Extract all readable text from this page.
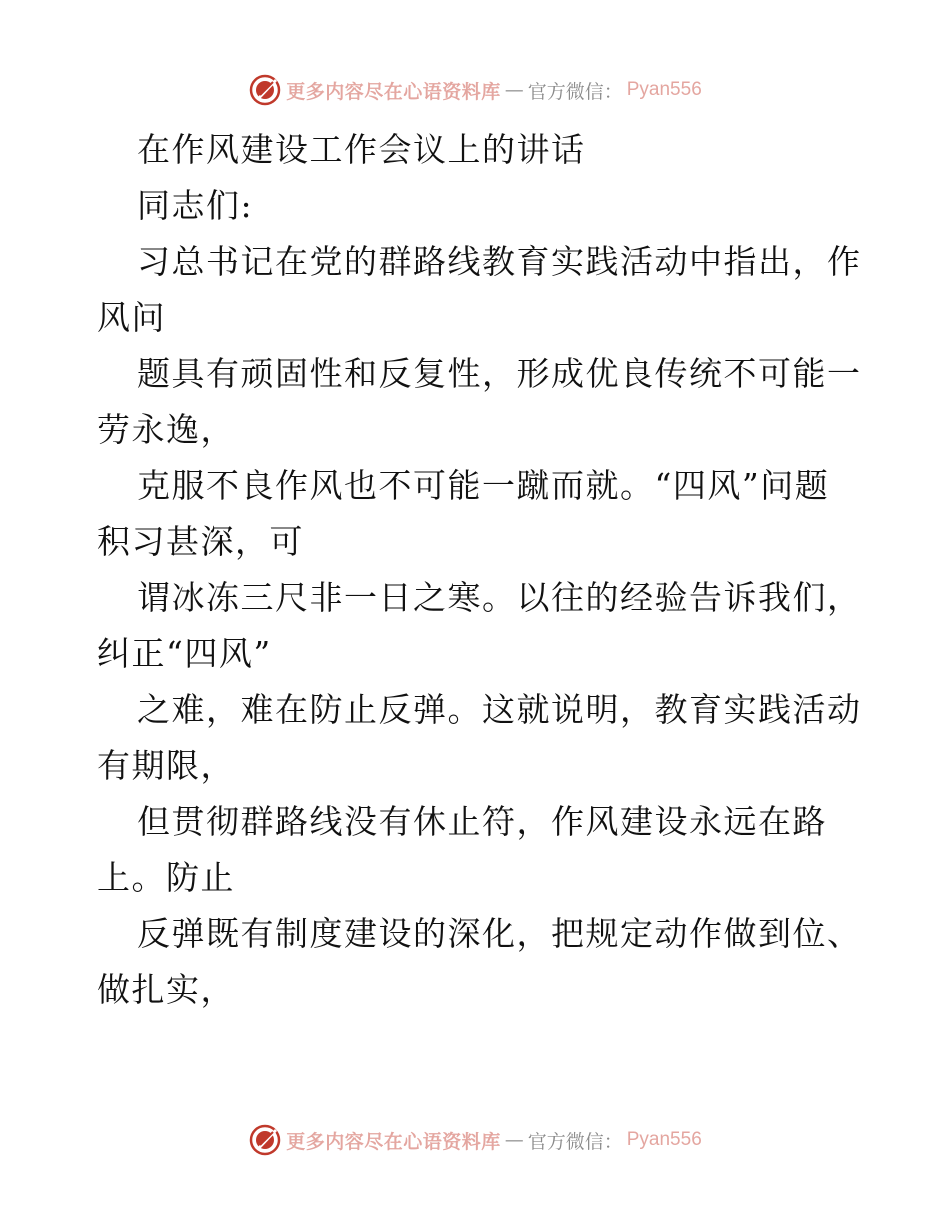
更多内容尽在心语资料库 — 官方微信： Pyan556
在作风建设工作会议上的讲话
同志们:
习总书记在党的群路线教育实践活动中指出，作
风问
题具有顽固性和反复性，形成优良传统不可能一
劳永逸，
克服不良作风也不可能一蹴而就。“四风”问题
积习甚深，可
谓冰冻三尺非一日之寒。以往的经验告诉我们，
纠正“四风”
之难，难在防止反弹。这就说明，教育实践活动
有期限，
但贯彻群路线没有休止符，作风建设永远在路
上。防止
反弹既有制度建设的深化，把规定动作做到位、
做扎实，
更多内容尽在心语资料库 — 官方微信： Pyan556
